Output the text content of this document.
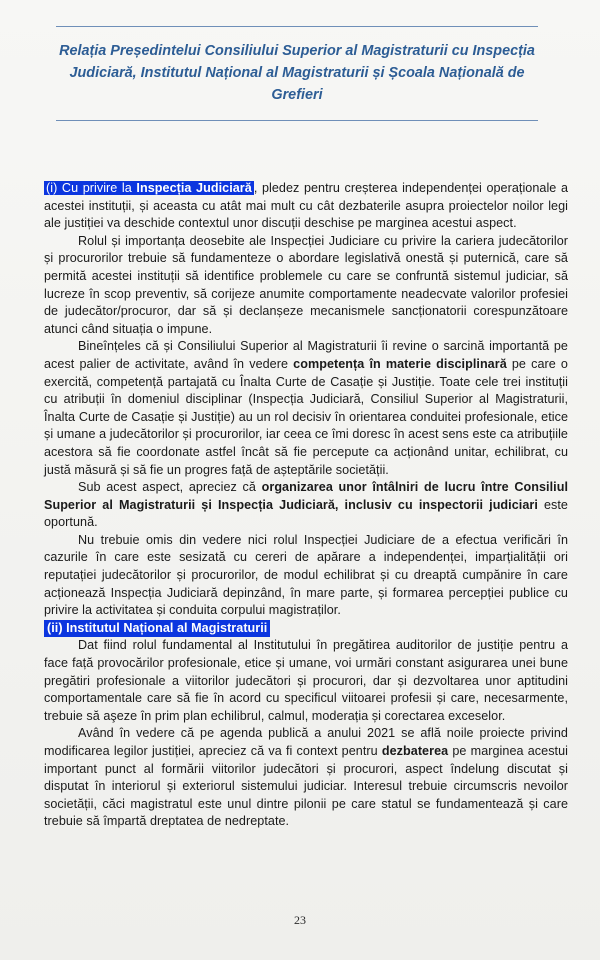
Relația Președintelui Consiliului Superior al Magistraturii cu Inspecția Judiciară, Institutul Național al Magistraturii și Școala Națională de Grefieri

(i) Cu privire la Inspecția Judiciară , pledez pentru creșterea independenței operaționale a acestei instituții, și aceasta cu atât mai mult cu cât dezbaterile asupra proiectelor noilor legi ale justiției va deschide contextul unor discuții deschise pe marginea acestui aspect.

Rolul și importanța deosebite ale Inspecției Judiciare cu privire la cariera judecătorilor și procurorilor trebuie să fundamenteze o abordare legislativă onestă și puternică, care să permită acestei instituții să identifice problemele cu care se confruntă sistemul judiciar, să lucreze în scop preventiv, să corijeze anumite comportamente neadecvate valorilor profesiei de judecător/procuror, dar să și declanșeze mecanismele sancționatorii corespunzătoare atunci când situația o impune.

Bineînțeles că și Consiliului Superior al Magistraturii îi revine o sarcină importantă pe acest palier de activitate, având în vedere competența în materie disciplinară pe care o exercită, competență partajată cu Înalta Curte de Casație și Justiție. Toate cele trei instituții cu atribuții în domeniul disciplinar (Inspecția Judiciară, Consiliul Superior al Magistraturii, Înalta Curte de Casație și Justiție) au un rol decisiv în orientarea conduitei profesionale, etice și umane a judecătorilor și procurorilor, iar ceea ce îmi doresc în acest sens este ca atribuțiile acestora să fie coordonate astfel încât să fie percepute ca acționând unitar, echilibrat, cu justă măsură și să fie un progres față de așteptările societății.

Sub acest aspect, apreciez că organizarea unor întâlniri de lucru între Consiliul Superior al Magistraturii și Inspecția Judiciară, inclusiv cu inspectorii judiciari este oportună.

Nu trebuie omis din vedere nici rolul Inspecției Judiciare de a efectua verificări în cazurile în care este sesizată cu cereri de apărare a independenței, imparțialității ori reputației judecătorilor și procurorilor, de modul echilibrat și cu dreaptă cumpănire în care acționează Inspecția Judiciară depinzând, în mare parte, și formarea percepției publice cu privire la activitatea și conduita corpului magistraților.

(ii) Institutul Național al Magistraturii

Dat fiind rolul fundamental al Institutului în pregătirea auditorilor de justiție pentru a face față provocărilor profesionale, etice și umane, voi urmări constant asigurarea unei bune pregătiri profesionale a viitorilor judecători și procurori, dar și dezvoltarea unor aptitudini comportamentale care să fie în acord cu specificul viitoarei profesii și care, necesarmente, trebuie să aşeze în prim plan echilibrul, calmul, moderația și corectarea exceselor.

Având în vedere că pe agenda publică a anului 2021 se află noile proiecte privind modificarea legilor justiției, apreciez că va fi context pentru dezbaterea pe marginea acestui important punct al formării viitorilor judecători și procurori, aspect îndelung discutat și disputat în interiorul și exteriorul sistemului judiciar. Interesul trebuie circumscris nevoilor societății, căci magistratul este unul dintre pilonii pe care statul se fundamentează și care trebuie să împartă dreptatea de nedreptate.

23
